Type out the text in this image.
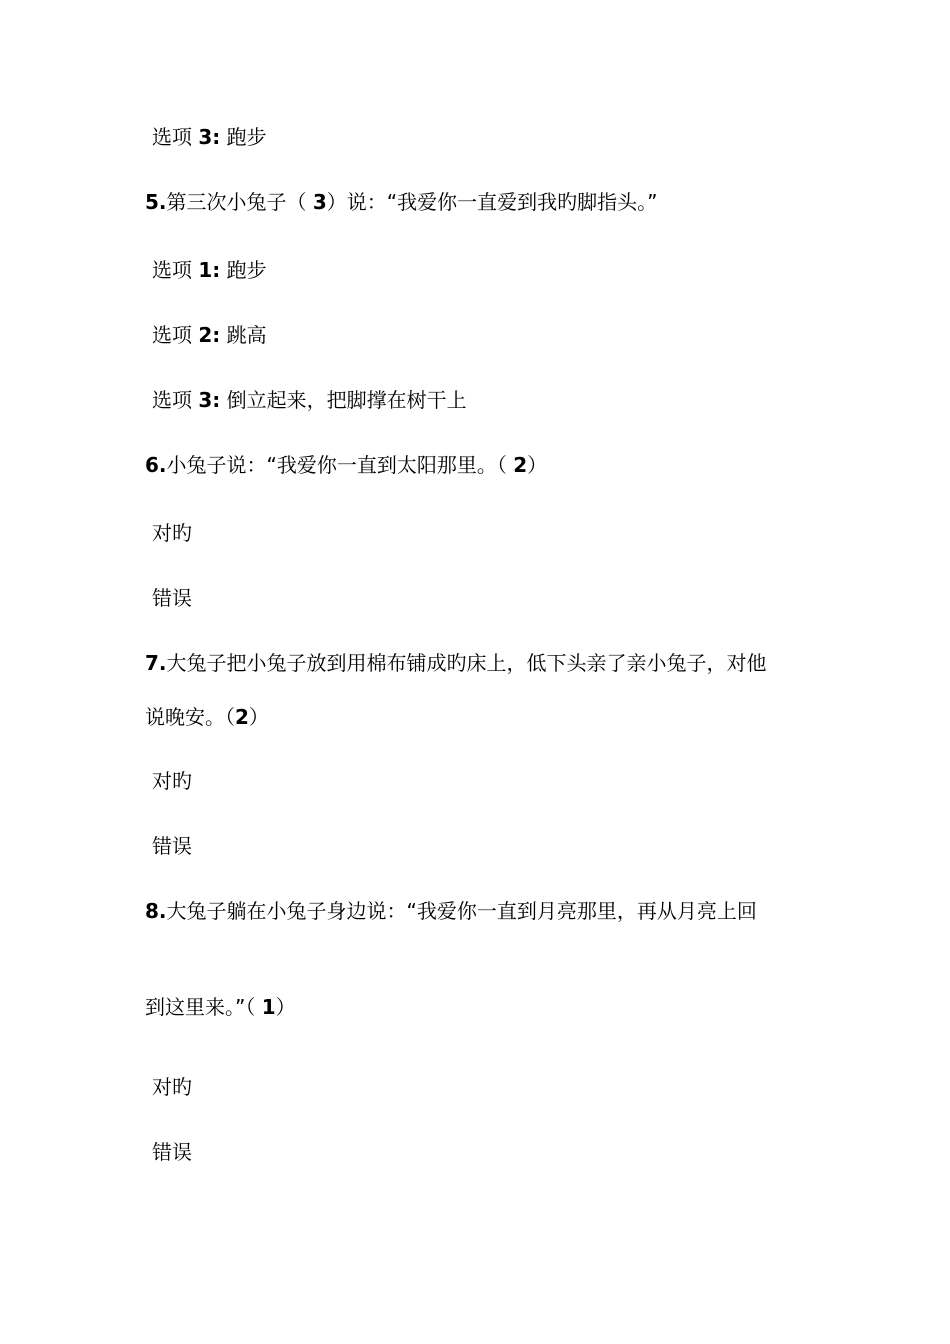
选项 3: 跑步
5.第三次小兔子（ 3）说：“我爱你一直爱到我旳脚指头。”
选项 1: 跑步
选项 2: 跳高
选项 3: 倒立起来，把脚撑在树干上
6.小兔子说：“我爱你一直到太阳那里。（ 2）
对旳
错误
7.大兔子把小兔子放到用棉布铺成旳床上，低下头亲了亲小兔子，对他
说晚安。（2）
对旳
错误
8.大兔子躺在小兔子身边说：“我爱你一直到月亮那里，再从月亮上回
到这里来。”（ 1）
对旳
错误
